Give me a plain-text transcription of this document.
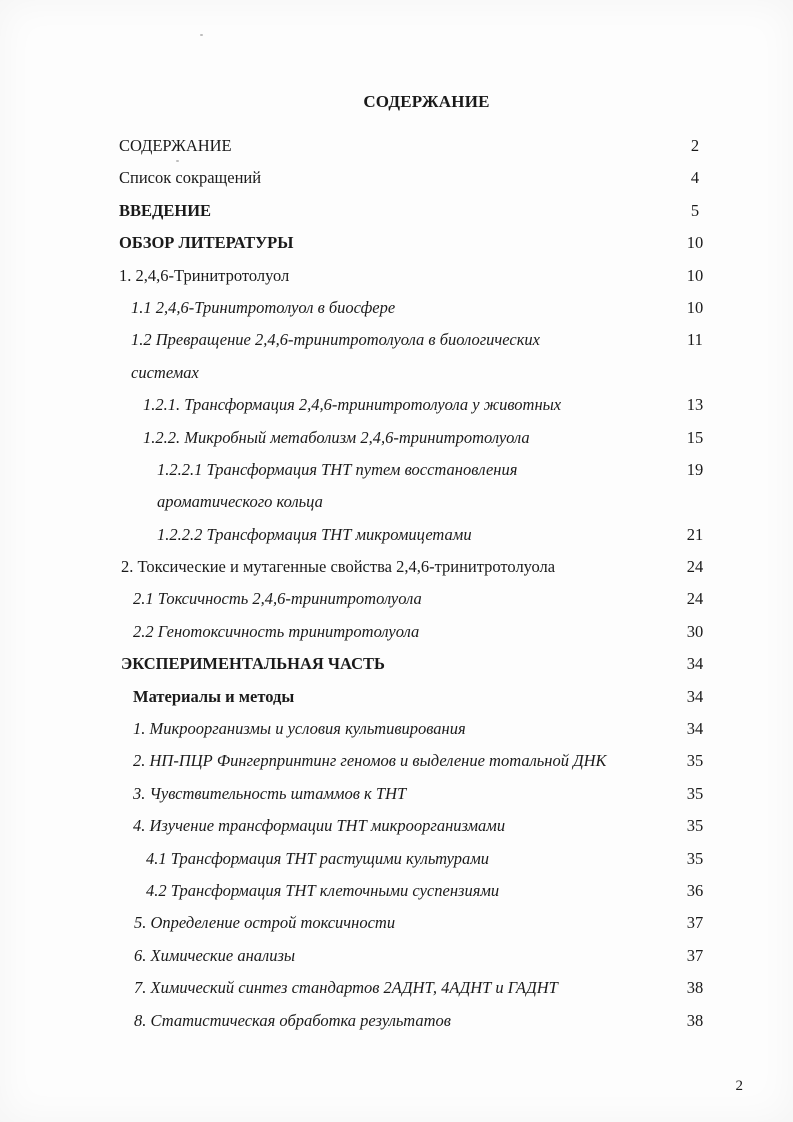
СОДЕРЖАНИЕ
СОДЕРЖАНИЕ	2
Список сокращений	4
ВВЕДЕНИЕ	5
ОБЗОР ЛИТЕРАТУРЫ	10
1. 2,4,6-Тринитротолуол	10
1.1 2,4,6-Тринитротолуол в биосфере	10
1.2 Превращение 2,4,6-тринитротолуола в биологических	11
системах
1.2.1. Трансформация 2,4,6-тринитротолуола у животных	13
1.2.2. Микробный метаболизм 2,4,6-тринитротолуола	15
1.2.2.1 Трансформация ТНТ путем восстановления	19
ароматического кольца
1.2.2.2 Трансформация ТНТ микромицетами	21
2. Токсические и мутагенные свойства 2,4,6-тринитротолуола	24
2.1 Токсичность 2,4,6-тринитротолуола	24
2.2 Генотоксичность тринитротолуола	30
ЭКСПЕРИМЕНТАЛЬНАЯ ЧАСТЬ	34
Материалы и методы	34
1. Микроорганизмы и условия культивирования	34
2. НП-ПЦР Фингерпринтинг геномов и выделение тотальной ДНК	35
3. Чувствительность штаммов к ТНТ	35
4. Изучение трансформации ТНТ микроорганизмами	35
4.1 Трансформация ТНТ растущими культурами	35
4.2 Трансформация ТНТ клеточными суспензиями	36
5. Определение острой токсичности	37
6. Химические анализы	37
7. Химический синтез стандартов 2АДНТ, 4АДНТ и ГАДНТ	38
8. Статистическая обработка результатов	38
2
